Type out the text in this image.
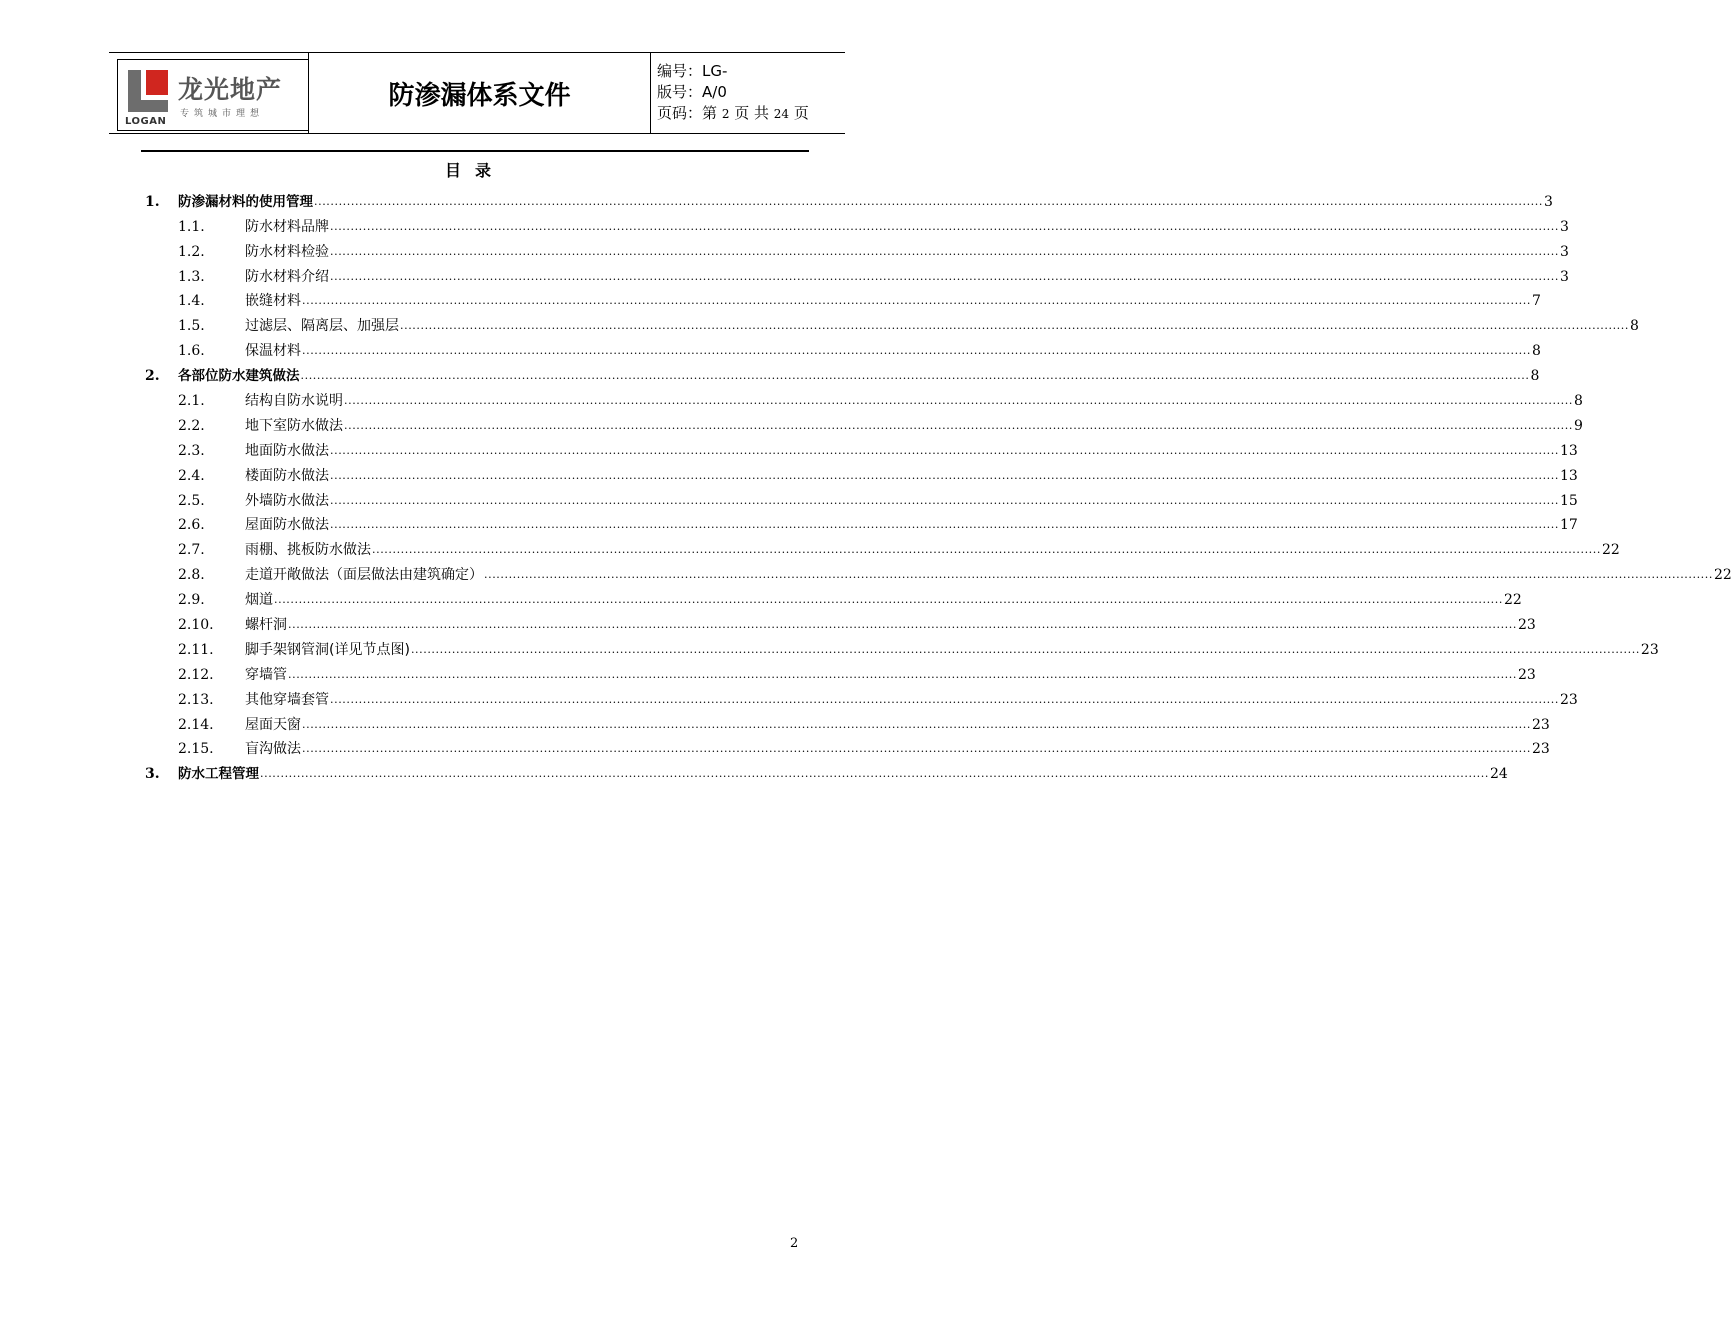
龙光地产
专筑城市理想
LOGAN
防渗漏体系文件
编号：LG-
版号：A/0
页码：第 2 页 共 24 页
目录
1.	防渗漏材料的使用管理 ............................................................................................................................................................................................................................................................................................................ 3
1.1.	防水材料品牌 ............................................................................................................................................................................................................................................................................................................ 3
1.2.	防水材料检验 ............................................................................................................................................................................................................................................................................................................ 3
1.3.	防水材料介绍 ............................................................................................................................................................................................................................................................................................................ 3
1.4.	嵌缝材料 ............................................................................................................................................................................................................................................................................................................ 7
1.5.	过滤层、隔离层、加强层 ............................................................................................................................................................................................................................................................................................................ 8
1.6.	保温材料 ............................................................................................................................................................................................................................................................................................................ 8
2.	各部位防水建筑做法 ............................................................................................................................................................................................................................................................................................................ 8
2.1.	结构自防水说明 ............................................................................................................................................................................................................................................................................................................ 8
2.2.	地下室防水做法 ............................................................................................................................................................................................................................................................................................................ 9
2.3.	地面防水做法 ............................................................................................................................................................................................................................................................................................................ 13
2.4.	楼面防水做法 ............................................................................................................................................................................................................................................................................................................ 13
2.5.	外墙防水做法 ............................................................................................................................................................................................................................................................................................................ 15
2.6.	屋面防水做法 ............................................................................................................................................................................................................................................................................................................ 17
2.7.	雨棚、挑板防水做法 ............................................................................................................................................................................................................................................................................................................ 22
2.8.	走道开敞做法（面层做法由建筑确定） ............................................................................................................................................................................................................................................................................................................ 22
2.9.	烟道 ............................................................................................................................................................................................................................................................................................................ 22
2.10.	螺杆洞 ............................................................................................................................................................................................................................................................................................................ 23
2.11.	脚手架钢管洞(详见节点图) ............................................................................................................................................................................................................................................................................................................ 23
2.12.	穿墙管 ............................................................................................................................................................................................................................................................................................................ 23
2.13.	其他穿墙套管 ............................................................................................................................................................................................................................................................................................................ 23
2.14.	屋面天窗 ............................................................................................................................................................................................................................................................................................................ 23
2.15.	盲沟做法 ............................................................................................................................................................................................................................................................................................................ 23
3.	防水工程管理 ............................................................................................................................................................................................................................................................................................................ 24
2
